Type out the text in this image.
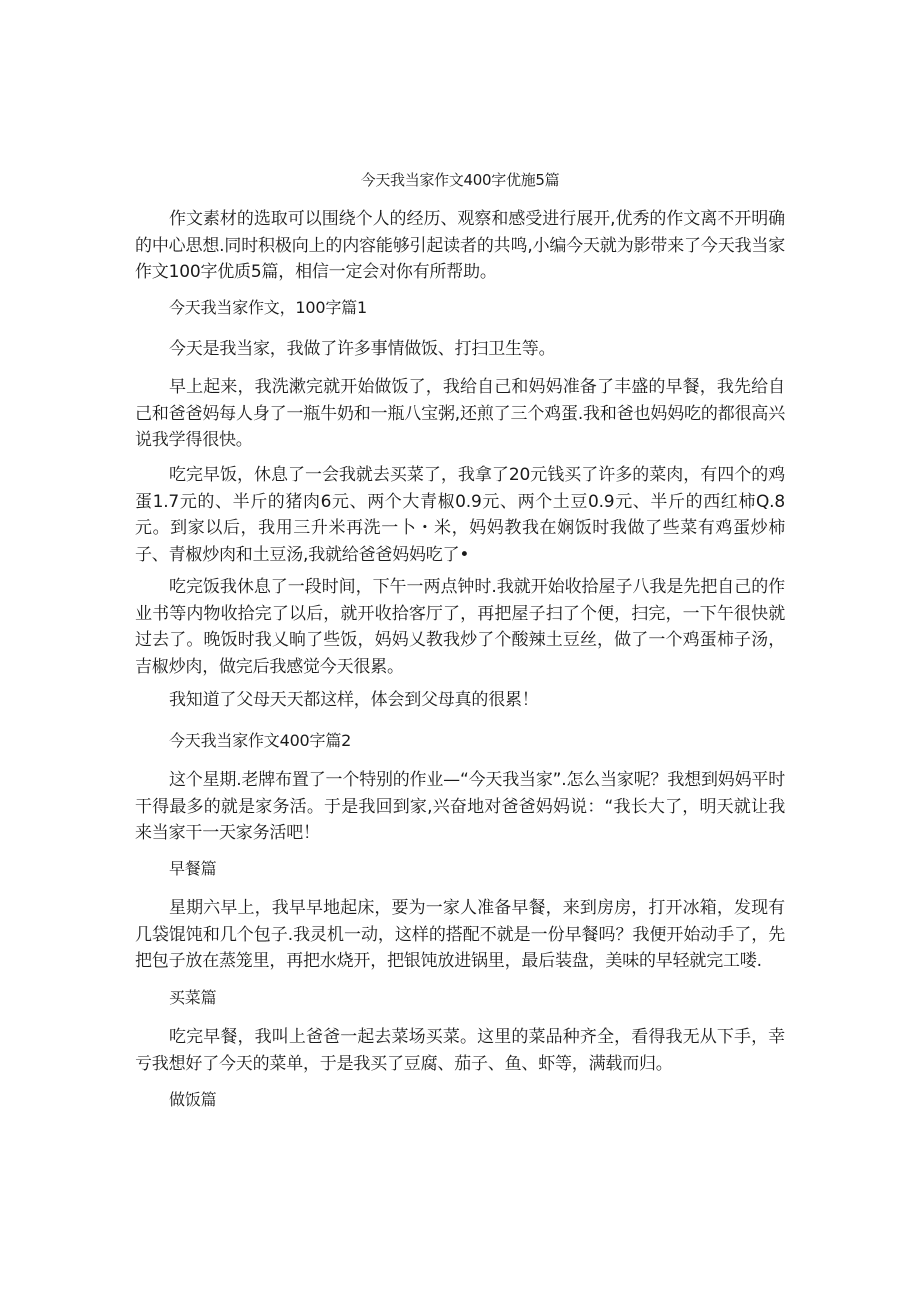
今天我当家作文400字优施5篇

作文素材的选取可以围绕个人的经历、观察和感受进行展开,优秀的作文离不开明确的中心思想.同时积极向上的内容能够引起读者的共鸣,小编今天就为影带来了今天我当家作文100字优质5篇，相信一定会对你有所帮助。

今天我当家作文，100字篇1

今天是我当家，我做了许多事情做饭、打扫卫生等。

早上起来，我洗漱完就开始做饭了，我给自己和妈妈准备了丰盛的早餐，我先给自己和爸爸妈每人身了一瓶牛奶和一瓶八宝粥,还煎了三个鸡蛋.我和爸也妈妈吃的都很高兴说我学得很快。

吃完早饭，休息了一会我就去买菜了，我拿了20元钱买了许多的菜肉，有四个的鸡蛋1.7元的、半斤的猪肉6元、两个大青椒0.9元、两个土豆0.9元、半斤的西红柿Q.8元。到家以后，我用三升米再洗一卜・米，妈妈教我在娴饭时我做了些菜有鸡蛋炒柿子、青椒炒肉和土豆汤,我就给爸爸妈妈吃了•

吃完饭我休息了一段时间，下午一两点钟时.我就开始收拾屋子八我是先把自己的作业书等内物收拾完了以后，就开收拾客厅了，再把屋子扫了个便，扫完，一下午很快就过去了。晚饭时我乂晌了些饭，妈妈乂教我炒了个酸辣土豆丝，做了一个鸡蛋柿子汤，吉椒炒肉，做完后我感觉今天很累。

我知道了父母天天都这样，体会到父母真的很累！

今天我当家作文400字篇2

这个星期.老牌布置了一个特别的作业—“今天我当家”.怎么当家呢？我想到妈妈平时干得最多的就是家务活。于是我回到家,兴奋地对爸爸妈妈说：“我长大了，明天就让我来当家干一天家务活吧！

早餐篇

星期六早上，我早早地起床，要为一家人准备早餐，来到房房，打开冰箱，发现有几袋馄饨和几个包子.我灵机一动，这样的搭配不就是一份早餐吗？我便开始动手了，先把包子放在蒸笼里，再把水烧开，把银饨放进锅里，最后装盘，美味的早轻就完工喽.

买菜篇

吃完早餐，我叫上爸爸一起去菜场买菜。这里的菜品种齐全，看得我无从下手，幸亏我想好了今天的菜单，于是我买了豆腐、茄子、鱼、虾等，满载而归。

做饭篇
